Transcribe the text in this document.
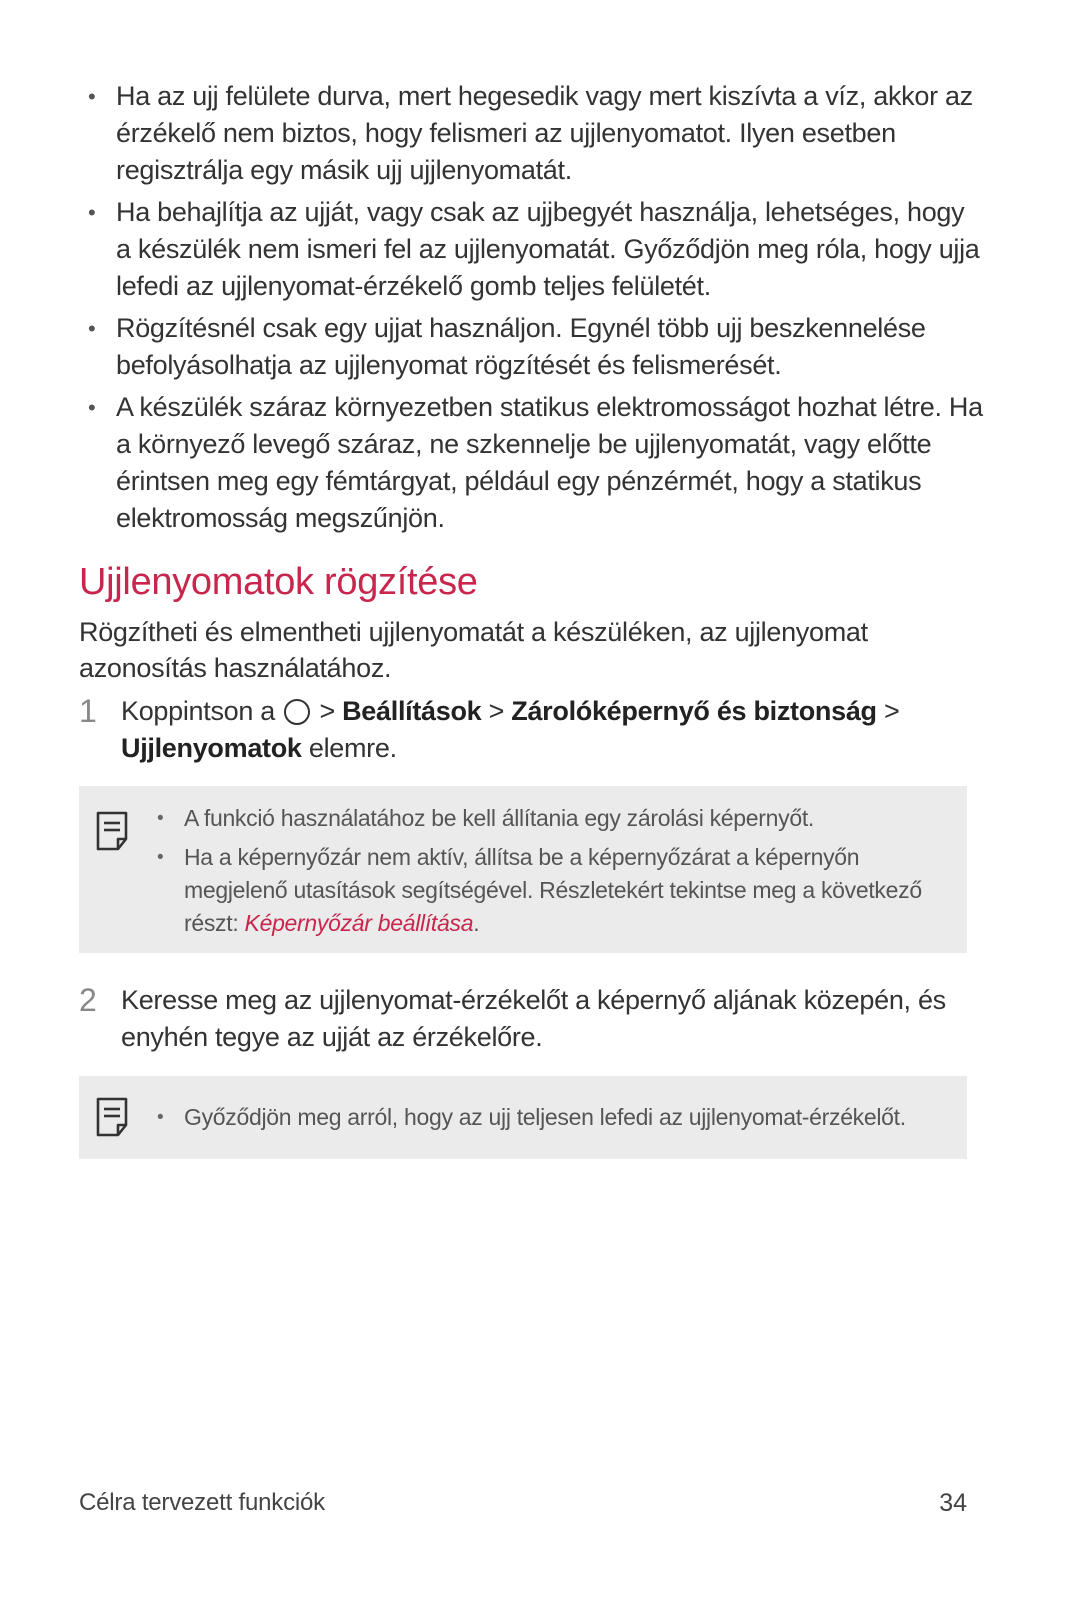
• Ha az ujj felülete durva, mert hegesedik vagy mert kiszívta a víz, akkor az érzékelő nem biztos, hogy felismeri az ujjlenyomatot. Ilyen esetben regisztrálja egy másik ujj ujjlenyomatát.
• Ha behajlítja az ujját, vagy csak az ujjbegyét használja, lehetséges, hogy a készülék nem ismeri fel az ujjlenyomatát. Győződjön meg róla, hogy ujja lefedi az ujjlenyomat-érzékelő gomb teljes felületét.
• Rögzítésnél csak egy ujjat használjon. Egynél több ujj beszkennelése befolyásolhatja az ujjlenyomat rögzítését és felismerését.
• A készülék száraz környezetben statikus elektromosságot hozhat létre. Ha a környező levegő száraz, ne szkennelje be ujjlenyomatát, vagy előtte érintsen meg egy fémtárgyat, például egy pénzérmét, hogy a statikus elektromosság megszűnjön.
Ujjlenyomatok rögzítése

Rögzítheti és elmentheti ujjlenyomatát a készüléken, az ujjlenyomat azonosítás használatához.

1 Koppintson a > Beállítások > Zárolóképernyő és biztonság > Ujjlenyomatok elemre.
• A funkció használatához be kell állítania egy zárolási képernyőt.
• Ha a képernyőzár nem aktív, állítsa be a képernyőzárat a képernyőn megjelenő utasítások segítségével. Részletekért tekintse meg a következő részt: Képernyőzár beállítása.
2 Keresse meg az ujjlenyomat-érzékelőt a képernyő aljának közepén, és enyhén tegye az ujját az érzékelőre.
• Győződjön meg arról, hogy az ujj teljesen lefedi az ujjlenyomat-érzékelőt.
Célra tervezett funkciók	34
